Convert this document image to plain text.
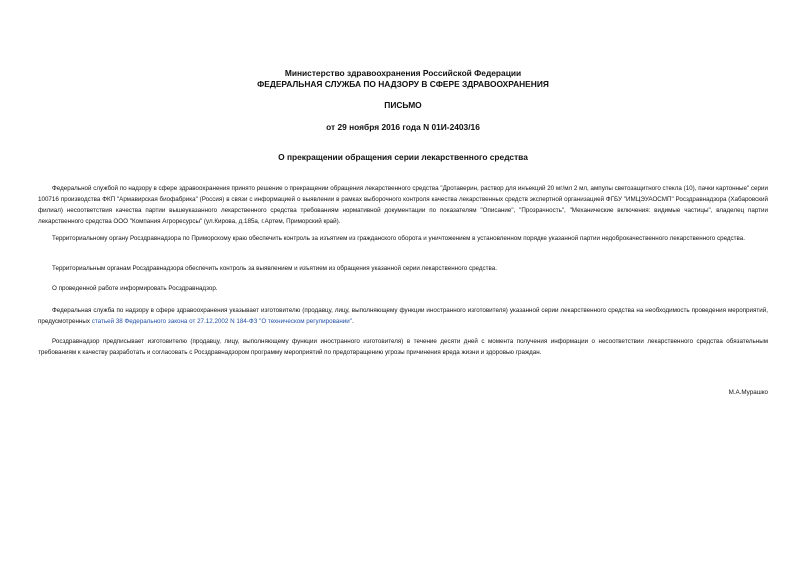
Министерство здравоохранения Российской Федерации
ФЕДЕРАЛЬНАЯ СЛУЖБА ПО НАДЗОРУ В СФЕРЕ ЗДРАВООХРАНЕНИЯ
ПИСЬМО
от 29 ноября 2016 года N 01И-2403/16
О прекращении обращения серии лекарственного средства

Федеральной службой по надзору в сфере здравоохранения принято решение о прекращении обращения лекарственного средства "Дротаверин, раствор для инъекций 20 мг/мл 2 мл, ампулы светозащитного стекла (10), пачки картонные" серии 100716 производства ФКП "Армавирская биофабрика" (Россия) в связи с информацией о выявлении в рамках выборочного контроля качества лекарственных средств экспертной организацией ФГБУ "ИМЦЭУАОСМП" Росздравнадзора (Хабаровский филиал) несоответствия качества партии вышеуказанного лекарственного средства требованиям нормативной документации по показателям "Описание", "Прозрачность", "Механические включения: видимые частицы", владелец партии лекарственного средства ООО "Компания Агроресурсы" (ул.Кирова, д.185а, г.Артем, Приморский край).

Территориальному органу Росздравнадзора по Приморскому краю обеспечить контроль за изъятием из гражданского оборота и уничтожением в установленном порядке указанной партии недоброкачественного лекарственного средства.

Территориальным органам Росздравнадзора обеспечить контроль за выявлением и изъятием из обращения указанной серии лекарственного средства.

О проведенной работе информировать Росздравнадзор.

Федеральная служба по надзору в сфере здравоохранения указывает изготовителю (продавцу, лицу, выполняющему функции иностранного изготовителя) указанной серии лекарственного средства на необходимость проведения мероприятий, предусмотренных статьей 38 Федерального закона от 27.12.2002 N 184-ФЗ "О техническом регулировании".

Росздравнадзор предписывает изготовителю (продавцу, лицу, выполняющему функции иностранного изготовителя) в течение десяти дней с момента получения информации о несоответствии лекарственного средства обязательным требованиям к качеству разработать и согласовать с Росздравнадзором программу мероприятий по предотвращению угрозы причинения вреда жизни и здоровью граждан.

М.А.Мурашко
